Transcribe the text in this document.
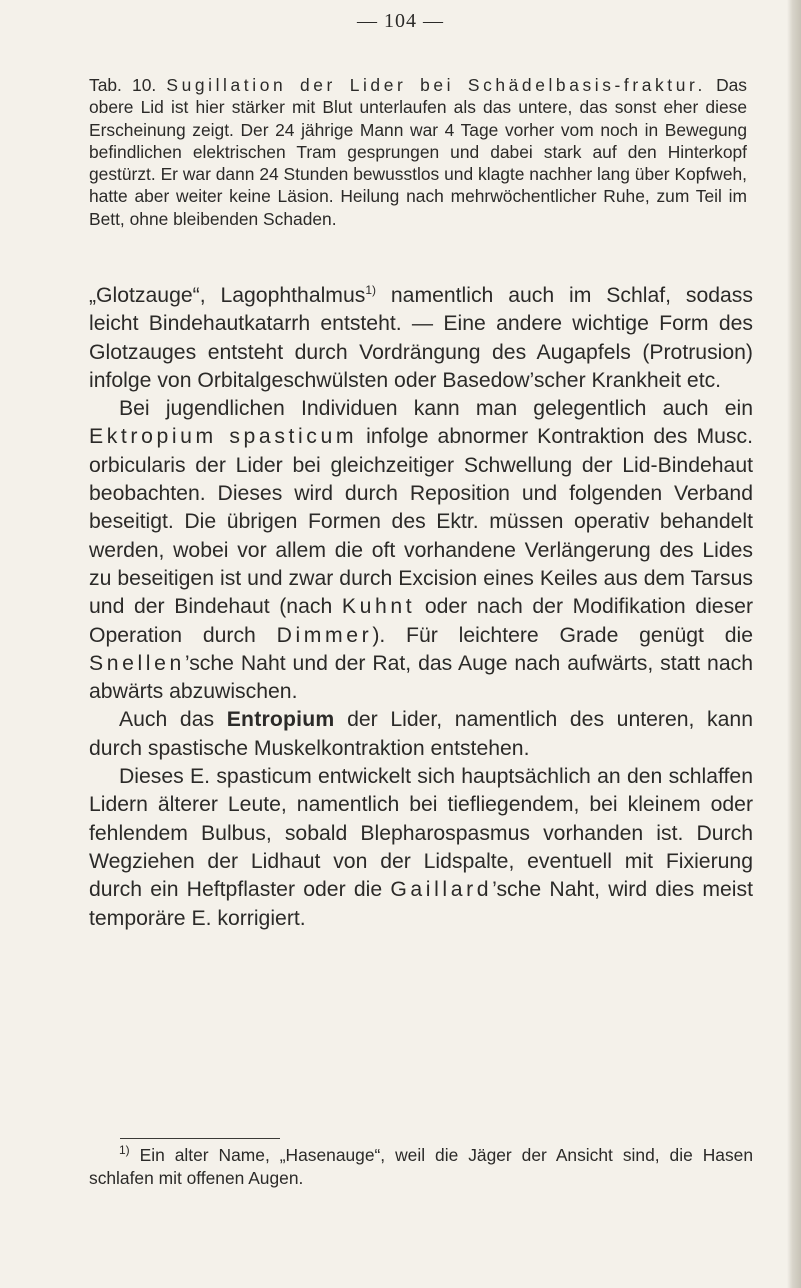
— 104 —
Tab. 10. Sugillation der Lider bei Schädelbasis-fraktur. Das obere Lid ist hier stärker mit Blut unterlaufen als das untere, das sonst eher diese Erscheinung zeigt. Der 24 jährige Mann war 4 Tage vorher vom noch in Bewegung befindlichen elektrischen Tram gesprungen und dabei stark auf den Hinterkopf gestürzt. Er war dann 24 Stunden bewusstlos und klagte nachher lang über Kopfweh, hatte aber weiter keine Läsion. Heilung nach mehrwöchentlicher Ruhe, zum Teil im Bett, ohne bleibenden Schaden.

„Glotzauge“, Lagophthalmus$^{1)}$ namentlich auch im Schlaf, sodass leicht Bindehautkatarrh entsteht. — Eine andere wichtige Form des Glotzauges entsteht durch Vordrängung des Augapfels (Protrusion) infolge von Orbitalgeschwülsten oder Basedow’scher Krankheit etc.

Bei jugendlichen Individuen kann man gelegentlich auch ein Ektropium spasticum infolge abnormer Kontraktion des Musc. orbicularis der Lider bei gleichzeitiger Schwellung der Lid-Bindehaut beobachten. Dieses wird durch Reposition und folgenden Verband beseitigt. Die übrigen Formen des Ektr. müssen operativ behandelt werden, wobei vor allem die oft vorhandene Verlängerung des Lides zu beseitigen ist und zwar durch Excision eines Keiles aus dem Tarsus und der Bindehaut (nach Kuhnt oder nach der Modifikation dieser Operation durch Dimmer). Für leichtere Grade genügt die Snellen’sche Naht und der Rat, das Auge nach aufwärts, statt nach abwärts abzuwischen.

Auch das Entropium der Lider, namentlich des unteren, kann durch spastische Muskelkontraktion entstehen.

Dieses E. spasticum entwickelt sich hauptsächlich an den schlaffen Lidern älterer Leute, namentlich bei tiefliegendem, bei kleinem oder fehlendem Bulbus, sobald Blepharospasmus vorhanden ist. Durch Wegziehen der Lidhaut von der Lidspalte, eventuell mit Fixierung durch ein Heftpflaster oder die Gaillard’sche Naht, wird dies meist temporäre E. korrigiert.

$^{1)}$ Ein alter Name, „Hasenauge“, weil die Jäger der Ansicht sind, die Hasen schlafen mit offenen Augen.
